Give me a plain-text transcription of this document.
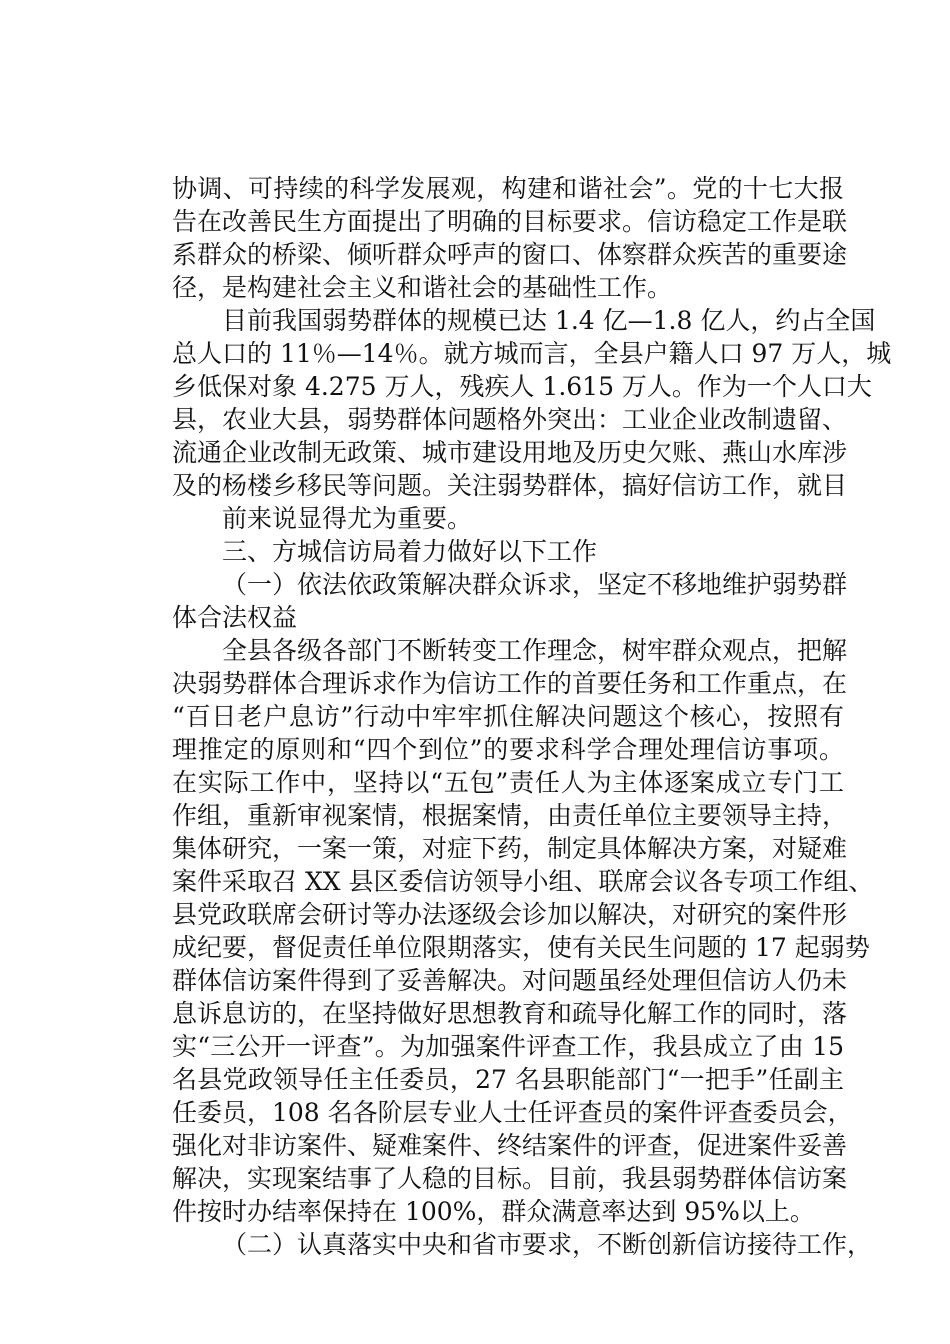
协调、可持续的科学发展观，构建和谐社会”。党的十七大报
告在改善民生方面提出了明确的目标要求。信访稳定工作是联
系群众的桥梁、倾听群众呼声的窗口、体察群众疾苦的重要途
径，是构建社会主义和谐社会的基础性工作。
目前我国弱势群体的规模已达 1.4 亿—1.8 亿人，约占全国
总人口的 11％—14％。就方城而言，全县户籍人口 97 万人，城
乡低保对象 4.275 万人，残疾人 1.615 万人。作为一个人口大
县，农业大县，弱势群体问题格外突出：工业企业改制遗留、
流通企业改制无政策、城市建设用地及历史欠账、燕山水库涉
及的杨楼乡移民等问题。关注弱势群体，搞好信访工作，就目
前来说显得尤为重要。
三、方城信访局着力做好以下工作
（一）依法依政策解决群众诉求，坚定不移地维护弱势群
体合法权益
全县各级各部门不断转变工作理念，树牢群众观点，把解
决弱势群体合理诉求作为信访工作的首要任务和工作重点，在
“百日老户息访”行动中牢牢抓住解决问题这个核心，按照有
理推定的原则和“四个到位”的要求科学合理处理信访事项。
在实际工作中，坚持以“五包”责任人为主体逐案成立专门工
作组，重新审视案情，根据案情，由责任单位主要领导主持，
集体研究，一案一策，对症下药，制定具体解决方案，对疑难
案件采取召 XX 县区委信访领导小组、联席会议各专项工作组、
县党政联席会研讨等办法逐级会诊加以解决，对研究的案件形
成纪要，督促责任单位限期落实，使有关民生问题的 17 起弱势
群体信访案件得到了妥善解决。对问题虽经处理但信访人仍未
息诉息访的，在坚持做好思想教育和疏导化解工作的同时，落
实“三公开一评查”。为加强案件评查工作，我县成立了由 15
名县党政领导任主任委员，27 名县职能部门“一把手”任副主
任委员，108 名各阶层专业人士任评查员的案件评查委员会，
强化对非访案件、疑难案件、终结案件的评查，促进案件妥善
解决，实现案结事了人稳的目标。目前，我县弱势群体信访案
件按时办结率保持在 100%，群众满意率达到 95%以上。
（二）认真落实中央和省市要求，不断创新信访接待工作，
